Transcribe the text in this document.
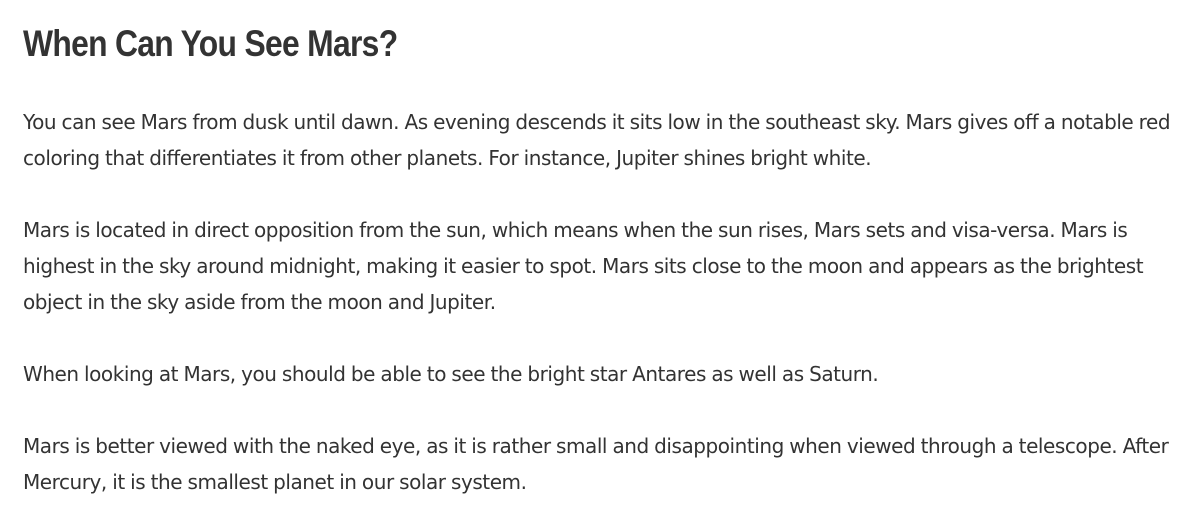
When Can You See Mars?

You can see Mars from dusk until dawn. As evening descends it sits low in the southeast sky. Mars gives off a notable red coloring that differentiates it from other planets. For instance, Jupiter shines bright white.

Mars is located in direct opposition from the sun, which means when the sun rises, Mars sets and visa-versa. Mars is highest in the sky around midnight, making it easier to spot. Mars sits close to the moon and appears as the brightest object in the sky aside from the moon and Jupiter.

When looking at Mars, you should be able to see the bright star Antares as well as Saturn.

Mars is better viewed with the naked eye, as it is rather small and disappointing when viewed through a telescope. After Mercury, it is the smallest planet in our solar system.
